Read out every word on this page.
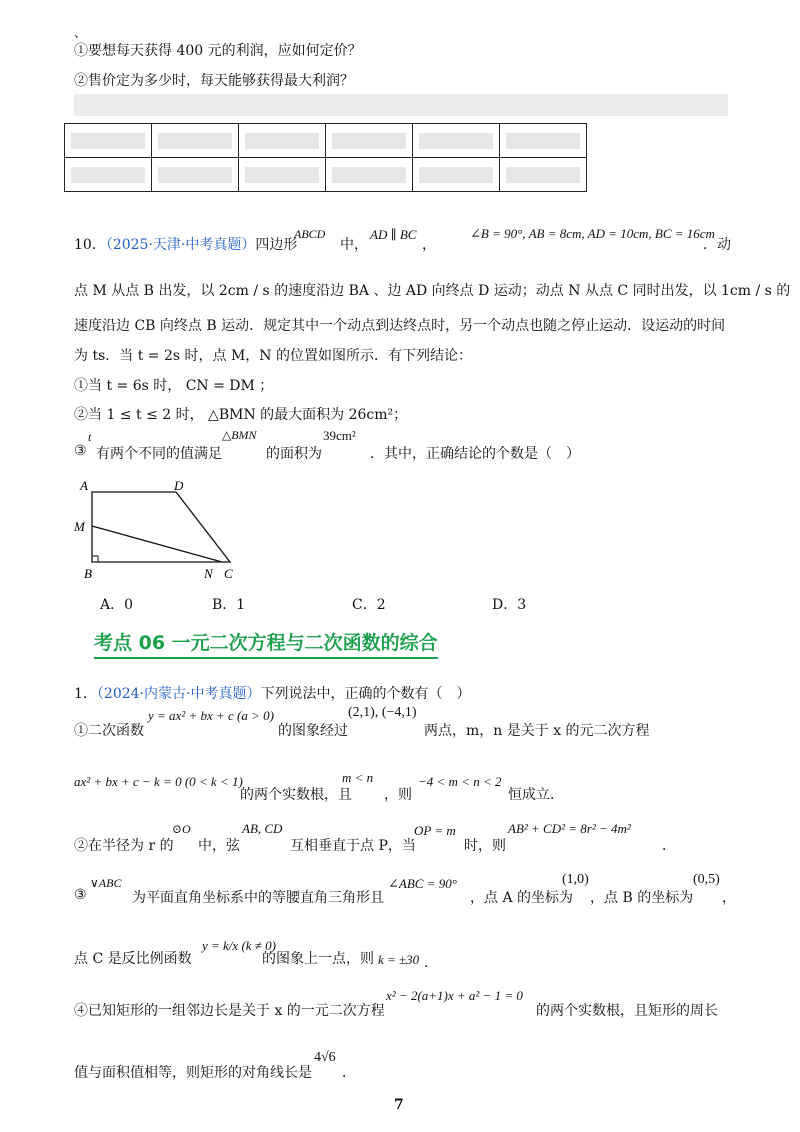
、
①要想每天获得 400 元的利润，应如何定价？
②售价定为多少时，每天能够获得最大利润？

10．（2025·天津·中考真题）四边形
ABCD
中，
AD ∥ BC
，
∠B = 90°, AB = 8cm, AD = 10cm, BC = 16cm
．动
点 M 从点 B 出发，以 2cm / s 的速度沿边 BA 、边 AD 向终点 D 运动；动点 N 从点 C 同时出发，以 1cm / s 的
速度沿边 CB 向终点 B 运动．规定其中一个动点到达终点时，另一个动点也随之停止运动．设运动的时间
为 ts．当 t = 2s 时，点 M，N 的位置如图所示．有下列结论：
①当 t = 6s 时， CN = DM ；
②当 1 ≤ t ≤ 2 时， △BMN 的最大面积为 26cm²；
③
t
有两个不同的值满足
△BMN
的面积为
39cm²
．其中，正确结论的个数是（　）
A	D
M
B	N C
A．0	B．1	C．2	D．3
考点 06 一元二次方程与二次函数的综合
1．（2024·内蒙古·中考真题）下列说法中，正确的个数有（　）
①二次函数
y = ax² + bx + c (a > 0)
的图象经过
(2,1), (−4,1)
两点，m，n 是关于 x 的元二次方程
ax² + bx + c − k = 0 (0 < k < 1)
的两个实数根，且
m < n
，则
−4 < m < n < 2
恒成立.
②在半径为 r 的
⊙O
中，弦
AB, CD
互相垂直于点 P，当
OP = m
时，则
AB² + CD² = 8r² − 4m²
．
③
∨ABC
为平面直角坐标系中的等腰直角三角形且
∠ABC = 90°
，点 A 的坐标为
(1,0)
，点 B 的坐标为
(0,5)
，
点 C 是反比例函数
y = k/x (k ≠ 0)
的图象上一点，则 k = ±30 ．
④已知矩形的一组邻边长是关于 x 的一元二次方程
x² − 2(a+1)x + a² − 1 = 0
的两个实数根，且矩形的周长
值与面积值相等，则矩形的对角线长是
4√6
．
7
